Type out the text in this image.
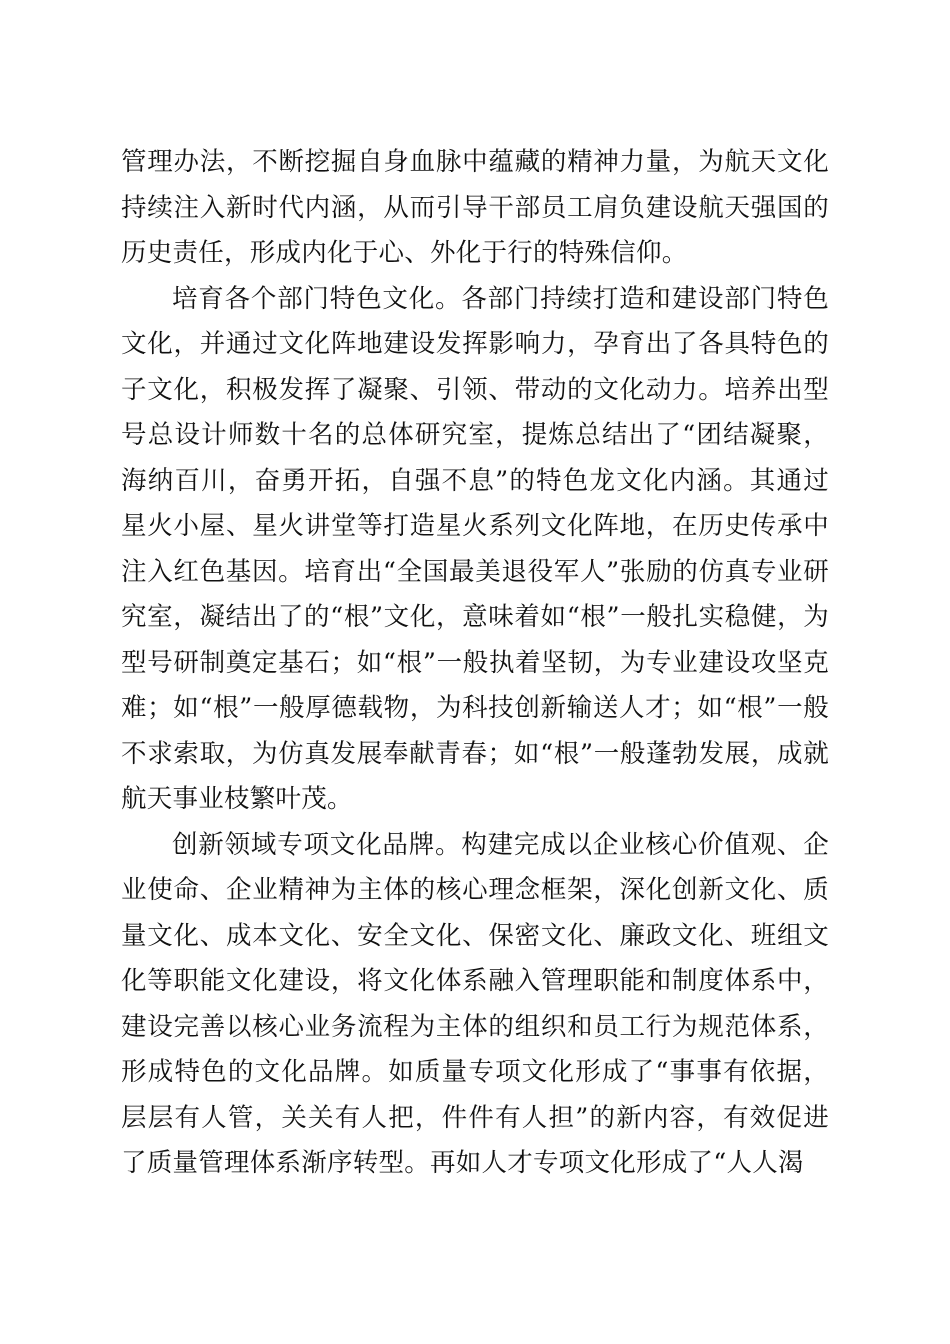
管理办法，不断挖掘自身血脉中蕴藏的精神力量，为航天文化持续注入新时代内涵，从而引导干部员工肩负建设航天强国的历史责任，形成内化于心、外化于行的特殊信仰。

培育各个部门特色文化。各部门持续打造和建设部门特色文化，并通过文化阵地建设发挥影响力，孕育出了各具特色的子文化，积极发挥了凝聚、引领、带动的文化动力。培养出型号总设计师数十名的总体研究室，提炼总结出了“团结凝聚，海纳百川，奋勇开拓，自强不息”的特色龙文化内涵。其通过星火小屋、星火讲堂等打造星火系列文化阵地，在历史传承中注入红色基因。培育出“全国最美退役军人”张励的仿真专业研究室，凝结出了的“根”文化，意味着如“根”一般扎实稳健，为型号研制奠定基石；如“根”一般执着坚韧，为专业建设攻坚克难；如“根”一般厚德载物，为科技创新输送人才；如“根”一般不求索取，为仿真发展奉献青春；如“根”一般蓬勃发展，成就航天事业枝繁叶茂。

创新领域专项文化品牌。构建完成以企业核心价值观、企业使命、企业精神为主体的核心理念框架，深化创新文化、质量文化、成本文化、安全文化、保密文化、廉政文化、班组文化等职能文化建设，将文化体系融入管理职能和制度体系中，建设完善以核心业务流程为主体的组织和员工行为规范体系，形成特色的文化品牌。如质量专项文化形成了“事事有依据，层层有人管，关关有人把，件件有人担”的新内容，有效促进了质量管理体系渐序转型。再如人才专项文化形成了“人人渴
